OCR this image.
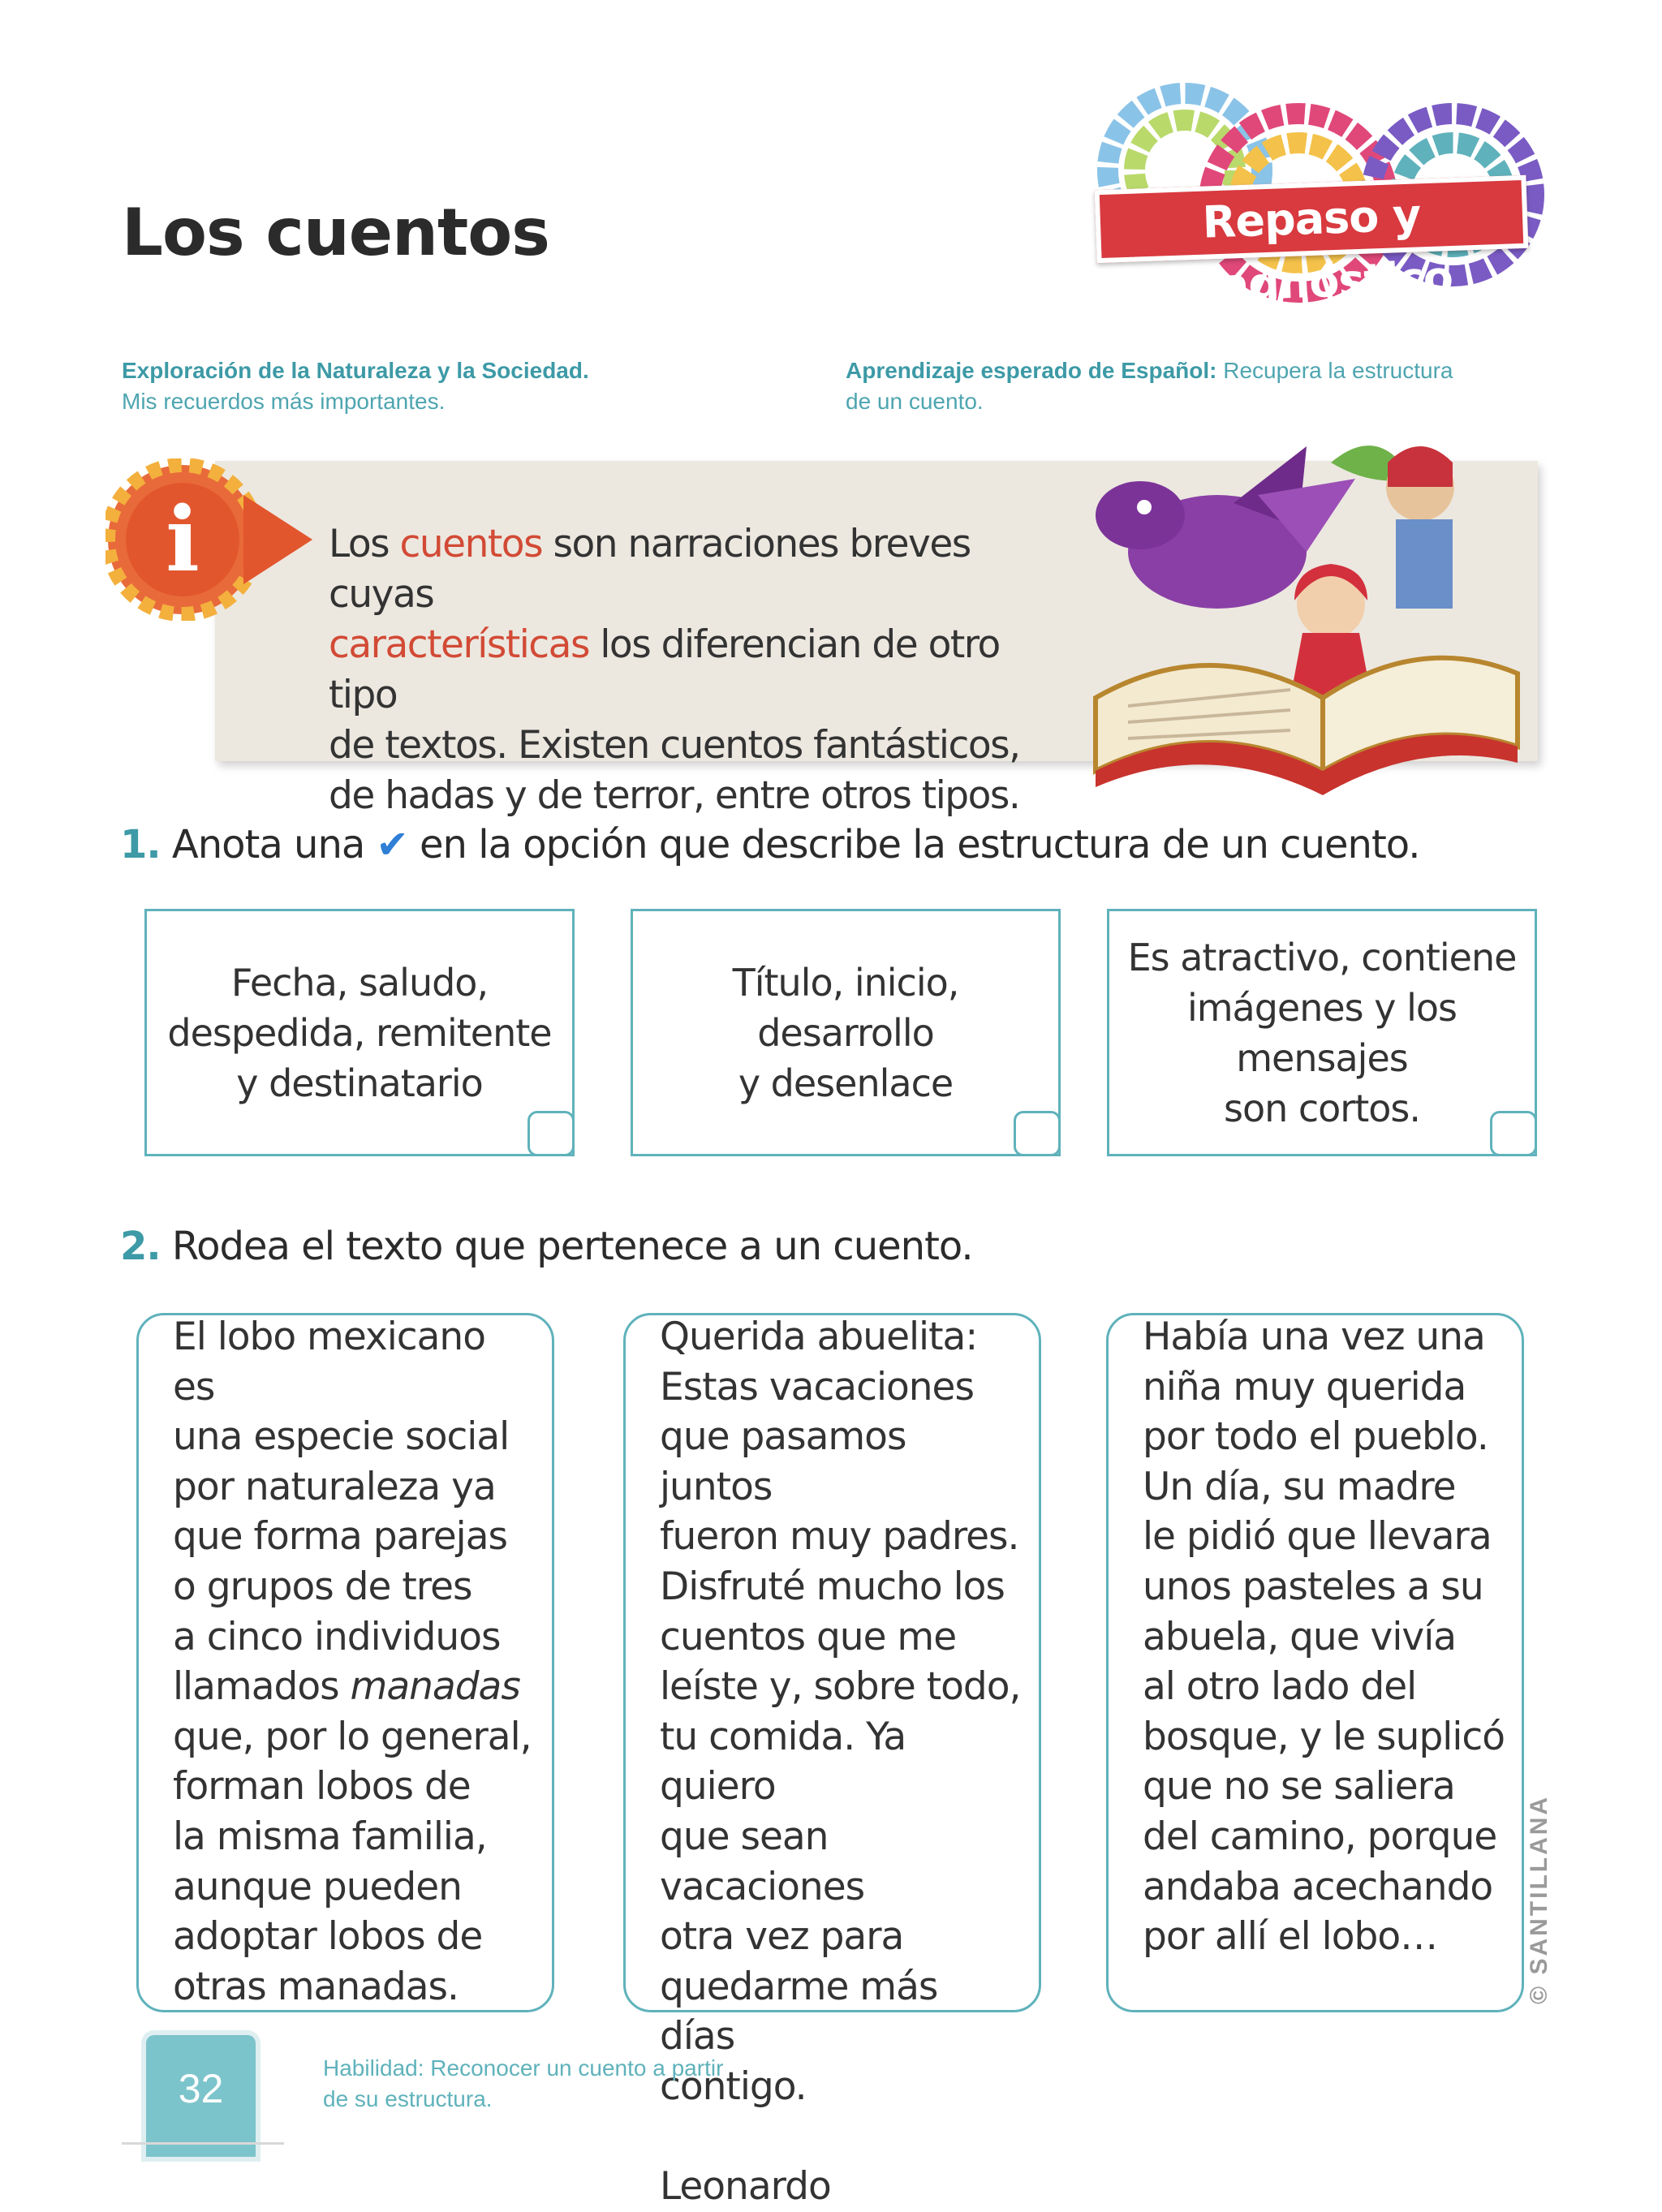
Los cuentos	Repaso y diagnóstico
Exploración de la Naturaleza y la Sociedad.
Mis recuerdos más importantes.
Aprendizaje esperado de Español: Recupera la estructura
de un cuento.
i	Los cuentos son narraciones breves cuyas
características los diferencian de otro tipo
de textos. Existen cuentos fantásticos,
de hadas y de terror, entre otros tipos.
1. Anota una ✔ en la opción que describe la estructura de un cuento.
Fecha, saludo,
despedida, remitente
y destinatario
Título, inicio,
desarrollo
y desenlace
Es atractivo, contiene
imágenes y los
mensajes
son cortos.
2. Rodea el texto que pertenece a un cuento.
El lobo mexicano es
una especie social
por naturaleza ya
que forma parejas
o grupos de tres
a cinco individuos
llamados manadas
que, por lo general,
forman lobos de
la misma familia,
aunque pueden
adoptar lobos de
otras manadas.
Querida abuelita:
Estas vacaciones
que pasamos juntos
fueron muy padres.
Disfruté mucho los
cuentos que me
leíste y, sobre todo,
tu comida. Ya quiero
que sean vacaciones
otra vez para
quedarme más días
contigo.

Leonardo
Había una vez una
niña muy querida
por todo el pueblo.
Un día, su madre
le pidió que llevara
unos pasteles a su
abuela, que vivía
al otro lado del
bosque, y le suplicó
que no se saliera
del camino, porque
andaba acechando
por allí el lobo…
32	Habilidad: Reconocer un cuento a partir
de su estructura.
© SANTILLANA
